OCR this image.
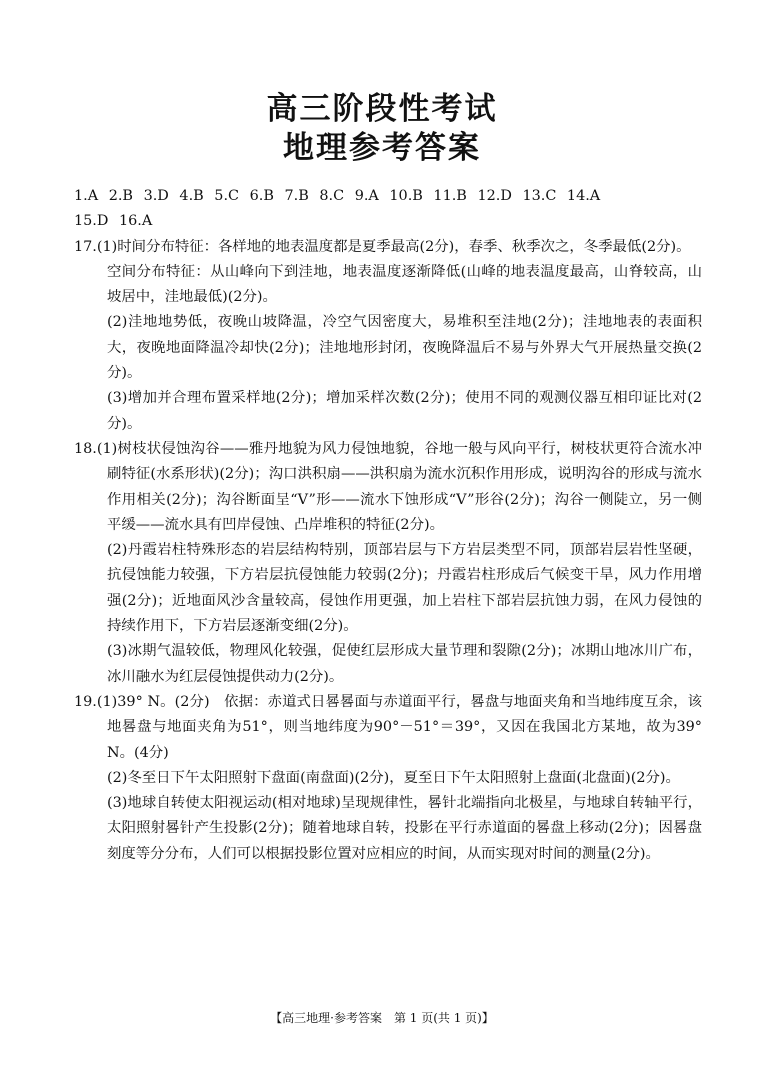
高三阶段性考试
地理参考答案

1.A 2.B 3.D 4.B 5.C 6.B 7.B 8.C 9.A 10.B 11.B 12.D 13.C 14.A

15.D 16.A

17.(1)时间分布特征：各样地的地表温度都是夏季最高(2分)，春季、秋季次之，冬季最低(2分)。

空间分布特征：从山峰向下到洼地，地表温度逐渐降低(山峰的地表温度最高，山脊较高，山坡居中，洼地最低)(2分)。

(2)洼地地势低，夜晚山坡降温，冷空气因密度大，易堆积至洼地(2分)；洼地地表的表面积大，夜晚地面降温冷却快(2分)；洼地地形封闭，夜晚降温后不易与外界大气开展热量交换(2分)。

(3)增加并合理布置采样地(2分)；增加采样次数(2分)；使用不同的观测仪器互相印证比对(2分)。

18.(1)树枝状侵蚀沟谷——雅丹地貌为风力侵蚀地貌，谷地一般与风向平行，树枝状更符合流水冲刷特征(水系形状)(2分)；沟口洪积扇——洪积扇为流水沉积作用形成，说明沟谷的形成与流水作用相关(2分)；沟谷断面呈“V”形——流水下蚀形成“V”形谷(2分)；沟谷一侧陡立，另一侧平缓——流水具有凹岸侵蚀、凸岸堆积的特征(2分)。

(2)丹霞岩柱特殊形态的岩层结构特别，顶部岩层与下方岩层类型不同，顶部岩层岩性坚硬，抗侵蚀能力较强，下方岩层抗侵蚀能力较弱(2分)；丹霞岩柱形成后气候变干旱，风力作用增强(2分)；近地面风沙含量较高，侵蚀作用更强，加上岩柱下部岩层抗蚀力弱，在风力侵蚀的持续作用下，下方岩层逐渐变细(2分)。

(3)冰期气温较低，物理风化较强，促使红层形成大量节理和裂隙(2分)；冰期山地冰川广布，冰川融水为红层侵蚀提供动力(2分)。

19.(1)39° N。(2分)　依据：赤道式日晷晷面与赤道面平行，晷盘与地面夹角和当地纬度互余，该地晷盘与地面夹角为51°，则当地纬度为90°－51°＝39°，又因在我国北方某地，故为39° N。(4分)

(2)冬至日下午太阳照射下盘面(南盘面)(2分)，夏至日下午太阳照射上盘面(北盘面)(2分)。

(3)地球自转使太阳视运动(相对地球)呈现规律性，晷针北端指向北极星，与地球自转轴平行，太阳照射晷针产生投影(2分)；随着地球自转，投影在平行赤道面的晷盘上移动(2分)；因晷盘刻度等分分布，人们可以根据投影位置对应相应的时间，从而实现对时间的测量(2分)。

【高三地理·参考答案　第 1 页(共 1 页)】
